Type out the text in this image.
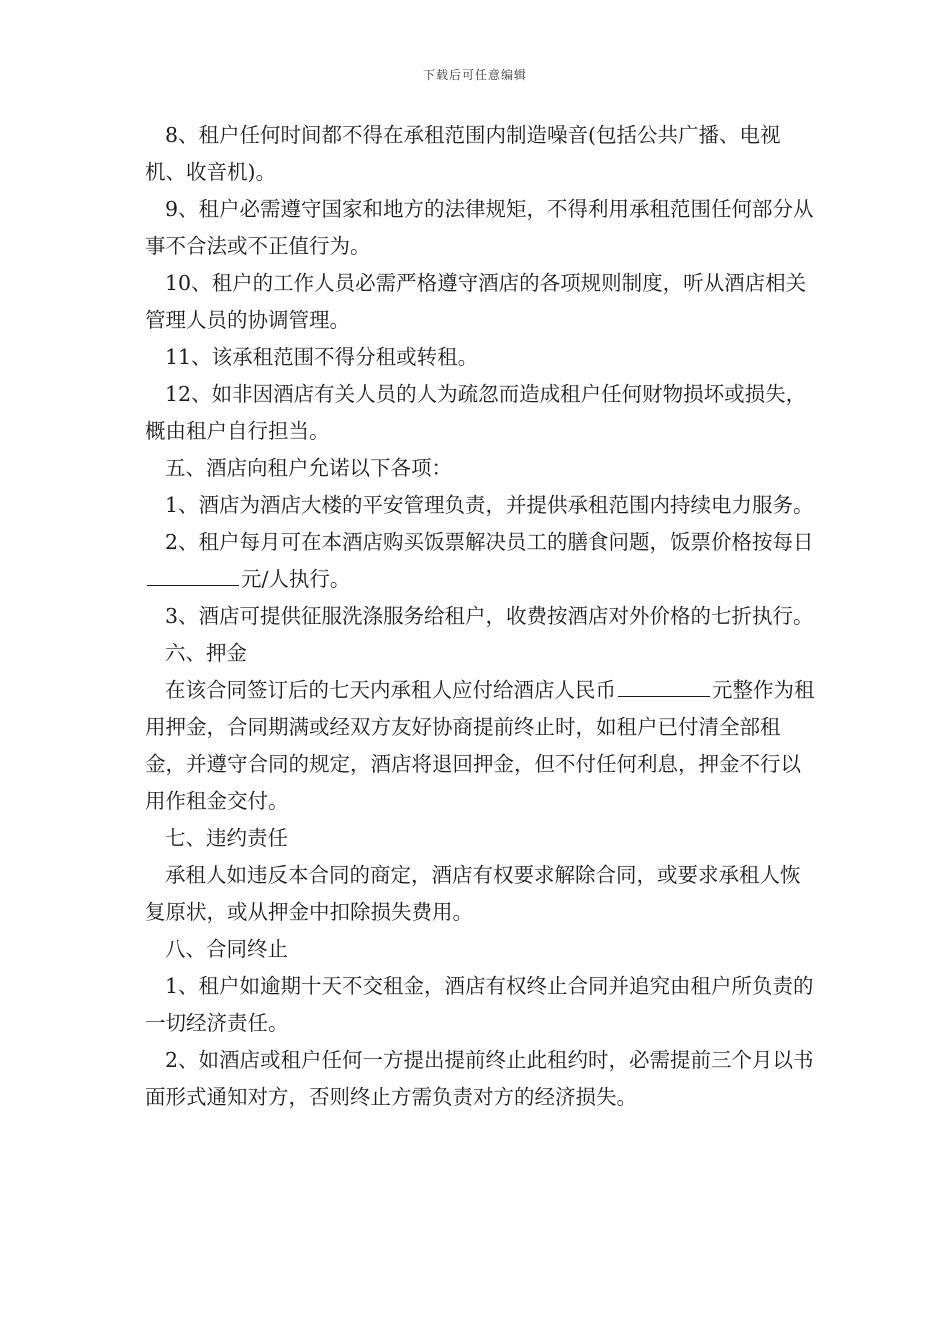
下载后可任意编辑

8、租户任何时间都不得在承租范围内制造噪音(包括公共广播、电视机、收音机)。

9、租户必需遵守国家和地方的法律规矩，不得利用承租范围任何部分从事不合法或不正值行为。

10、租户的工作人员必需严格遵守酒店的各项规则制度，听从酒店相关管理人员的协调管理。

11、该承租范围不得分租或转租。

12、如非因酒店有关人员的人为疏忽而造成租户任何财物损坏或损失，概由租户自行担当。

五、酒店向租户允诺以下各项：

1、酒店为酒店大楼的平安管理负责，并提供承租范围内持续电力服务。

2、租户每月可在本酒店购买饭票解决员工的膳食问题，饭票价格按每日元/人执行。

3、酒店可提供征服洗涤服务给租户，收费按酒店对外价格的七折执行。

六、押金

在该合同签订后的七天内承租人应付给酒店人民币	元整作为租用押金，合同期满或经双方友好协商提前终止时，如租户已付清全部租金，并遵守合同的规定，酒店将退回押金，但不付任何利息，押金不行以用作租金交付。

七、违约责任

承租人如违反本合同的商定，酒店有权要求解除合同，或要求承租人恢复原状，或从押金中扣除损失费用。

八、合同终止

1、租户如逾期十天不交租金，酒店有权终止合同并追究由租户所负责的一切经济责任。

2、如酒店或租户任何一方提出提前终止此租约时，必需提前三个月以书面形式通知对方，否则终止方需负责对方的经济损失。
